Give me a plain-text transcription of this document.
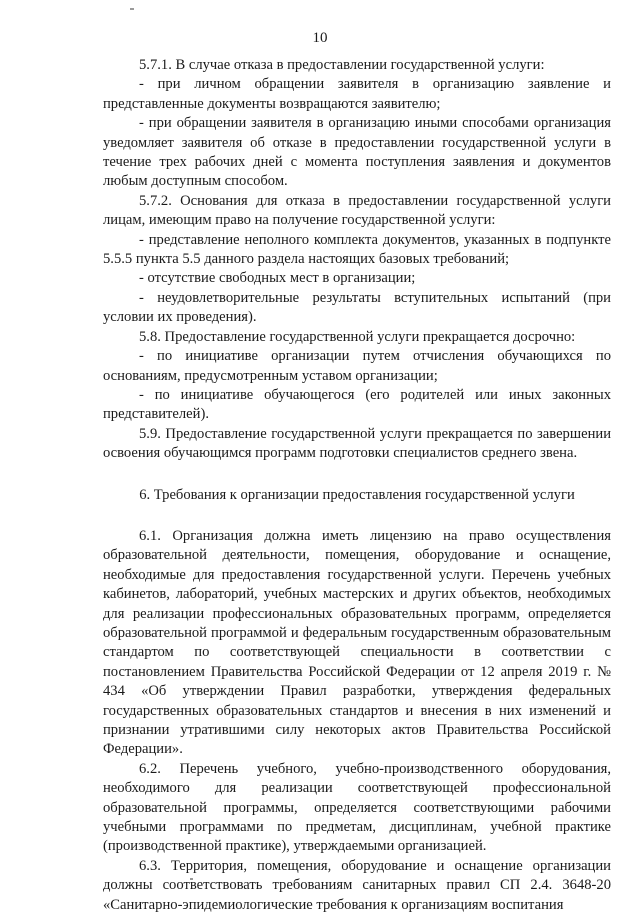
10

5.7.1. В случае отказа в предоставлении государственной услуги:

- при личном обращении заявителя в организацию заявление и представленные документы возвращаются заявителю;

- при обращении заявителя в организацию иными способами организация уведомляет заявителя об отказе в предоставлении государственной услуги в течение трех рабочих дней с момента поступления заявления и документов любым доступным способом.

5.7.2. Основания для отказа в предоставлении государственной услуги лицам, имеющим право на получение государственной услуги:

- представление неполного комплекта документов, указанных в подпункте 5.5.5 пункта 5.5 данного раздела настоящих базовых требований;

- отсутствие свободных мест в организации;

- неудовлетворительные результаты вступительных испытаний (при условии их проведения).

5.8. Предоставление государственной услуги прекращается досрочно:

- по инициативе организации путем отчисления обучающихся по основаниям, предусмотренным уставом организации;

- по инициативе обучающегося (его родителей или иных законных представителей).

5.9. Предоставление государственной услуги прекращается по завершении освоения обучающимся программ подготовки специалистов среднего звена.

6. Требования к организации предоставления государственной услуги

6.1. Организация должна иметь лицензию на право осуществления образовательной деятельности, помещения, оборудование и оснащение, необходимые для предоставления государственной услуги. Перечень учебных кабинетов, лабораторий, учебных мастерских и других объектов, необходимых для реализации профессиональных образовательных программ, определяется образовательной программой и федеральным государственным образовательным стандартом по соответствующей специальности в соответствии с постановлением Правительства Российской Федерации от 12 апреля 2019 г. № 434 «Об утверждении Правил разработки, утверждения федеральных государственных образовательных стандартов и внесения в них изменений и признании утратившими силу некоторых актов Правительства Российской Федерации».

6.2. Перечень учебного, учебно-производственного оборудования, необходимого для реализации соответствующей профессиональной образовательной программы, определяется соответствующими рабочими учебными программами по предметам, дисциплинам, учебной практике (производственной практике), утверждаемыми организацией.

6.3. Территория, помещения, оборудование и оснащение организации должны соответствовать требованиям санитарных правил СП 2.4. 3648-20 «Санитарно-эпидемиологические требования к организациям воспитания
